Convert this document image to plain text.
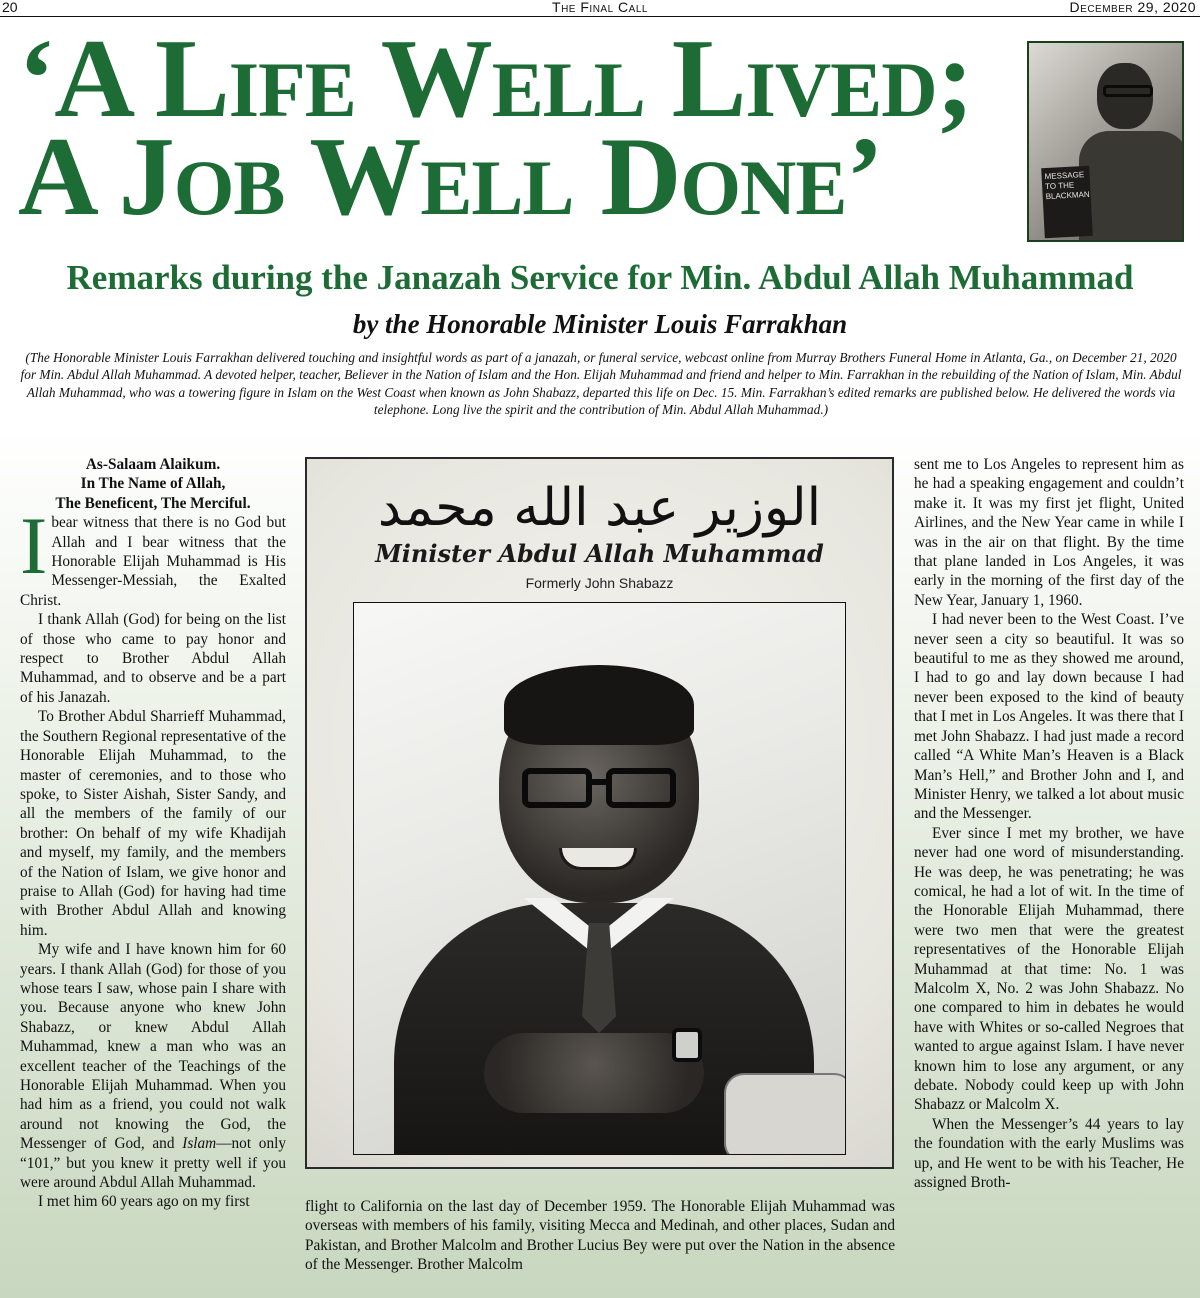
20	The Final Call	December 29, 2020
‘A Life Well Lived;
A Job Well Done’	MESSAGE TO THE BLACKMAN
Remarks during the Janazah Service for Min. Abdul Allah Muhammad
by the Honorable Minister Louis Farrakhan

(The Honorable Minister Louis Farrakhan delivered touching and insightful words as part of a janazah, or funeral service, webcast online from Murray Brothers Funeral Home in Atlanta, Ga., on December 21, 2020 for Min. Abdul Allah Muhammad. A devoted helper, teacher, Believer in the Nation of Islam and the Hon. Elijah Muhammad and friend and helper to Min. Farrakhan in the rebuilding of the Nation of Islam, Min. Abdul Allah Muhammad, who was a towering figure in Islam on the West Coast when known as John Shabazz, departed this life on Dec. 15. Min. Farrakhan’s edited remarks are published below. He delivered the words via telephone. Long live the spirit and the contribution of Min. Abdul Allah Muhammad.)

As-Salaam Alaikum.
In The Name of Allah,
The Beneficent, The Merciful.

I bear witness that there is no God but Allah and I bear witness that the Honorable Elijah Muhammad is His Messenger-Messiah, the Exalted Christ.

I thank Allah (God) for being on the list of those who came to pay honor and respect to Brother Abdul Allah Muhammad, and to observe and be a part of his Janazah.

To Brother Abdul Sharrieff Muhammad, the Southern Regional representative of the Honorable Elijah Muhammad, to the master of ceremonies, and to those who spoke, to Sister Aishah, Sister Sandy, and all the members of the family of our brother: On behalf of my wife Khadijah and myself, my family, and the members of the Nation of Islam, we give honor and praise to Allah (God) for having had time with Brother Abdul Allah and knowing him.

My wife and I have known him for 60 years. I thank Allah (God) for those of you whose tears I saw, whose pain I share with you. Because anyone who knew John Shabazz, or knew Abdul Allah Muhammad, knew a man who was an excellent teacher of the Teachings of the Honorable Elijah Muhammad. When you had him as a friend, you could not walk around not knowing the God, the Messenger of God, and Islam—not only “101,” but you knew it pretty well if you were around Abdul Allah Muhammad.

I met him 60 years ago on my first

الوزير عبد الله محمد
Minister Abdul Allah Muhammad
Formerly John Shabazz

flight to California on the last day of December 1959. The Honorable Elijah Muhammad was overseas with members of his family, visiting Mecca and Medinah, and other places, Sudan and Pakistan, and Brother Malcolm and Brother Lucius Bey were put over the Nation in the absence of the Messenger. Brother Malcolm

sent me to Los Angeles to represent him as he had a speaking engagement and couldn’t make it. It was my first jet flight, United Airlines, and the New Year came in while I was in the air on that flight. By the time that plane landed in Los Angeles, it was early in the morning of the first day of the New Year, January 1, 1960.

I had never been to the West Coast. I’ve never seen a city so beautiful. It was so beautiful to me as they showed me around, I had to go and lay down because I had never been exposed to the kind of beauty that I met in Los Angeles. It was there that I met John Shabazz. I had just made a record called “A White Man’s Heaven is a Black Man’s Hell,” and Brother John and I, and Minister Henry, we talked a lot about music and the Messenger.

Ever since I met my brother, we have never had one word of misunderstanding. He was deep, he was penetrating; he was comical, he had a lot of wit. In the time of the Honorable Elijah Muhammad, there were two men that were the greatest representatives of the Honorable Elijah Muhammad at that time: No. 1 was Malcolm X, No. 2 was John Shabazz. No one compared to him in debates he would have with Whites or so-called Negroes that wanted to argue against Islam. I have never known him to lose any argument, or any debate. Nobody could keep up with John Shabazz or Malcolm X.

When the Messenger’s 44 years to lay the foundation with the early Muslims was up, and He went to be with his Teacher, He assigned Broth-
